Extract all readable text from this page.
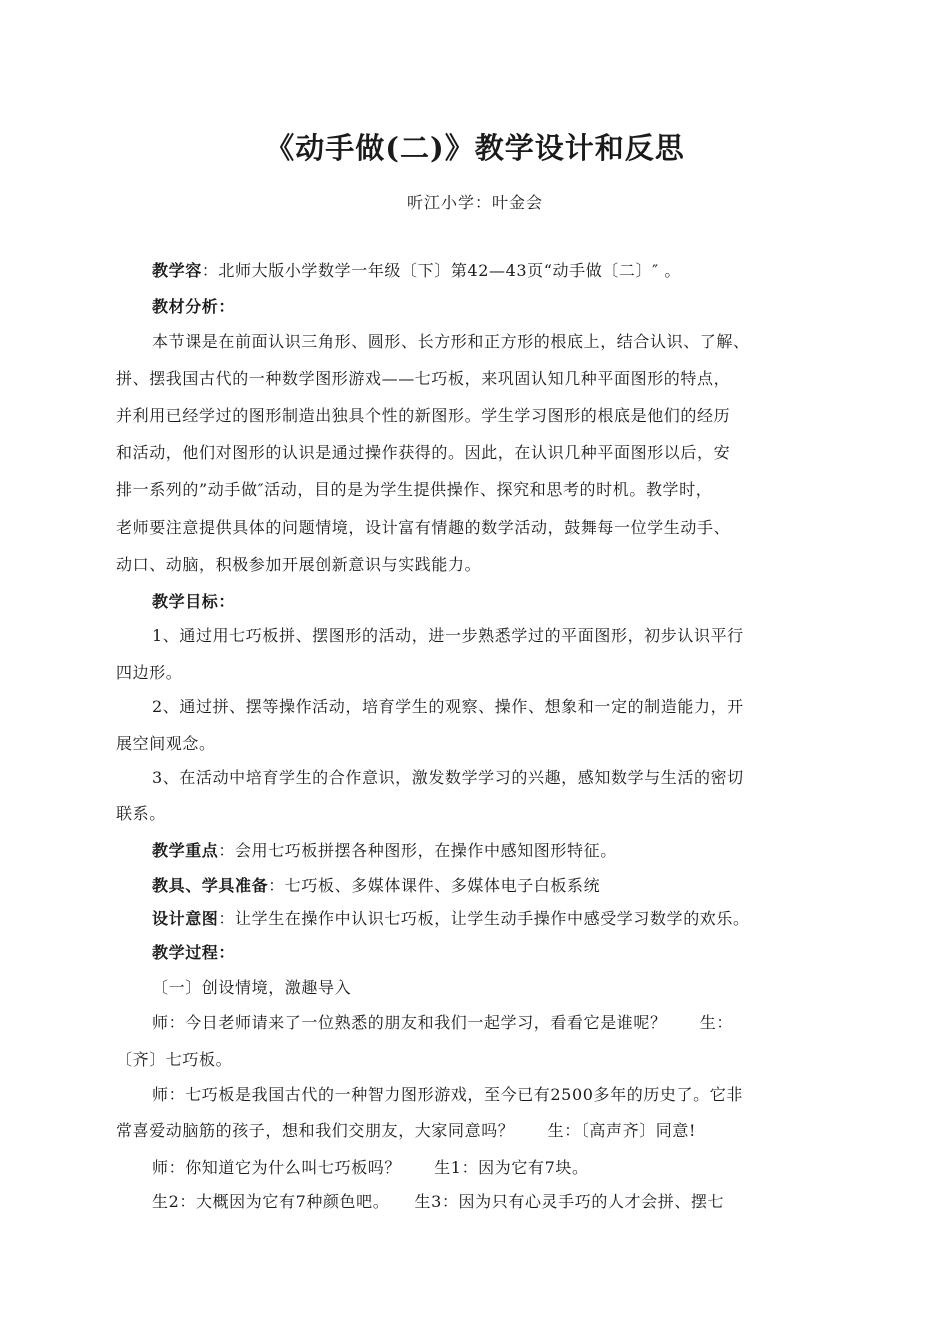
《动手做(二)》教学设计和反思
听江小学：叶金会
教学容：北师大版小学数学一年级〔下〕第42—43页“动手做〔二〕″ 。
教材分析：
本节课是在前面认识三角形、圆形、长方形和正方形的根底上，结合认识、了解、
拼、摆我国古代的一种数学图形游戏——七巧板，来巩固认知几种平面图形的特点，
并利用已经学过的图形制造出独具个性的新图形。学生学习图形的根底是他们的经历
和活动，他们对图形的认识是通过操作获得的。因此，在认识几种平面图形以后，安
排一系列的”动手做″活动，目的是为学生提供操作、探究和思考的时机。教学时，
老师要注意提供具体的问题情境，设计富有情趣的数学活动，鼓舞每一位学生动手、
动口、动脑，积极参加开展创新意识与实践能力。
教学目标：
1、通过用七巧板拼、摆图形的活动，进一步熟悉学过的平面图形，初步认识平行
四边形。
2、通过拼、摆等操作活动，培育学生的观察、操作、想象和一定的制造能力，开
展空间观念。
3、在活动中培育学生的合作意识，激发数学学习的兴趣，感知数学与生活的密切
联系。
教学重点：会用七巧板拼摆各种图形，在操作中感知图形特征。
教具、学具准备：七巧板、多媒体课件、多媒体电子白板系统
设计意图：让学生在操作中认识七巧板，让学生动手操作中感受学习数学的欢乐。
教学过程：
〔一〕创设情境，激趣导入
师：今日老师请来了一位熟悉的朋友和我们一起学习，看看它是谁呢？　　生：
〔齐〕七巧板。
师：七巧板是我国古代的一种智力图形游戏，至今已有2500多年的历史了。它非
常喜爱动脑筋的孩子，想和我们交朋友，大家同意吗？　　生：〔高声齐〕同意!
师：你知道它为什么叫七巧板吗？　　生1：因为它有7块。
生2：大概因为它有7种颜色吧。　　生3：因为只有心灵手巧的人才会拼、摆七
